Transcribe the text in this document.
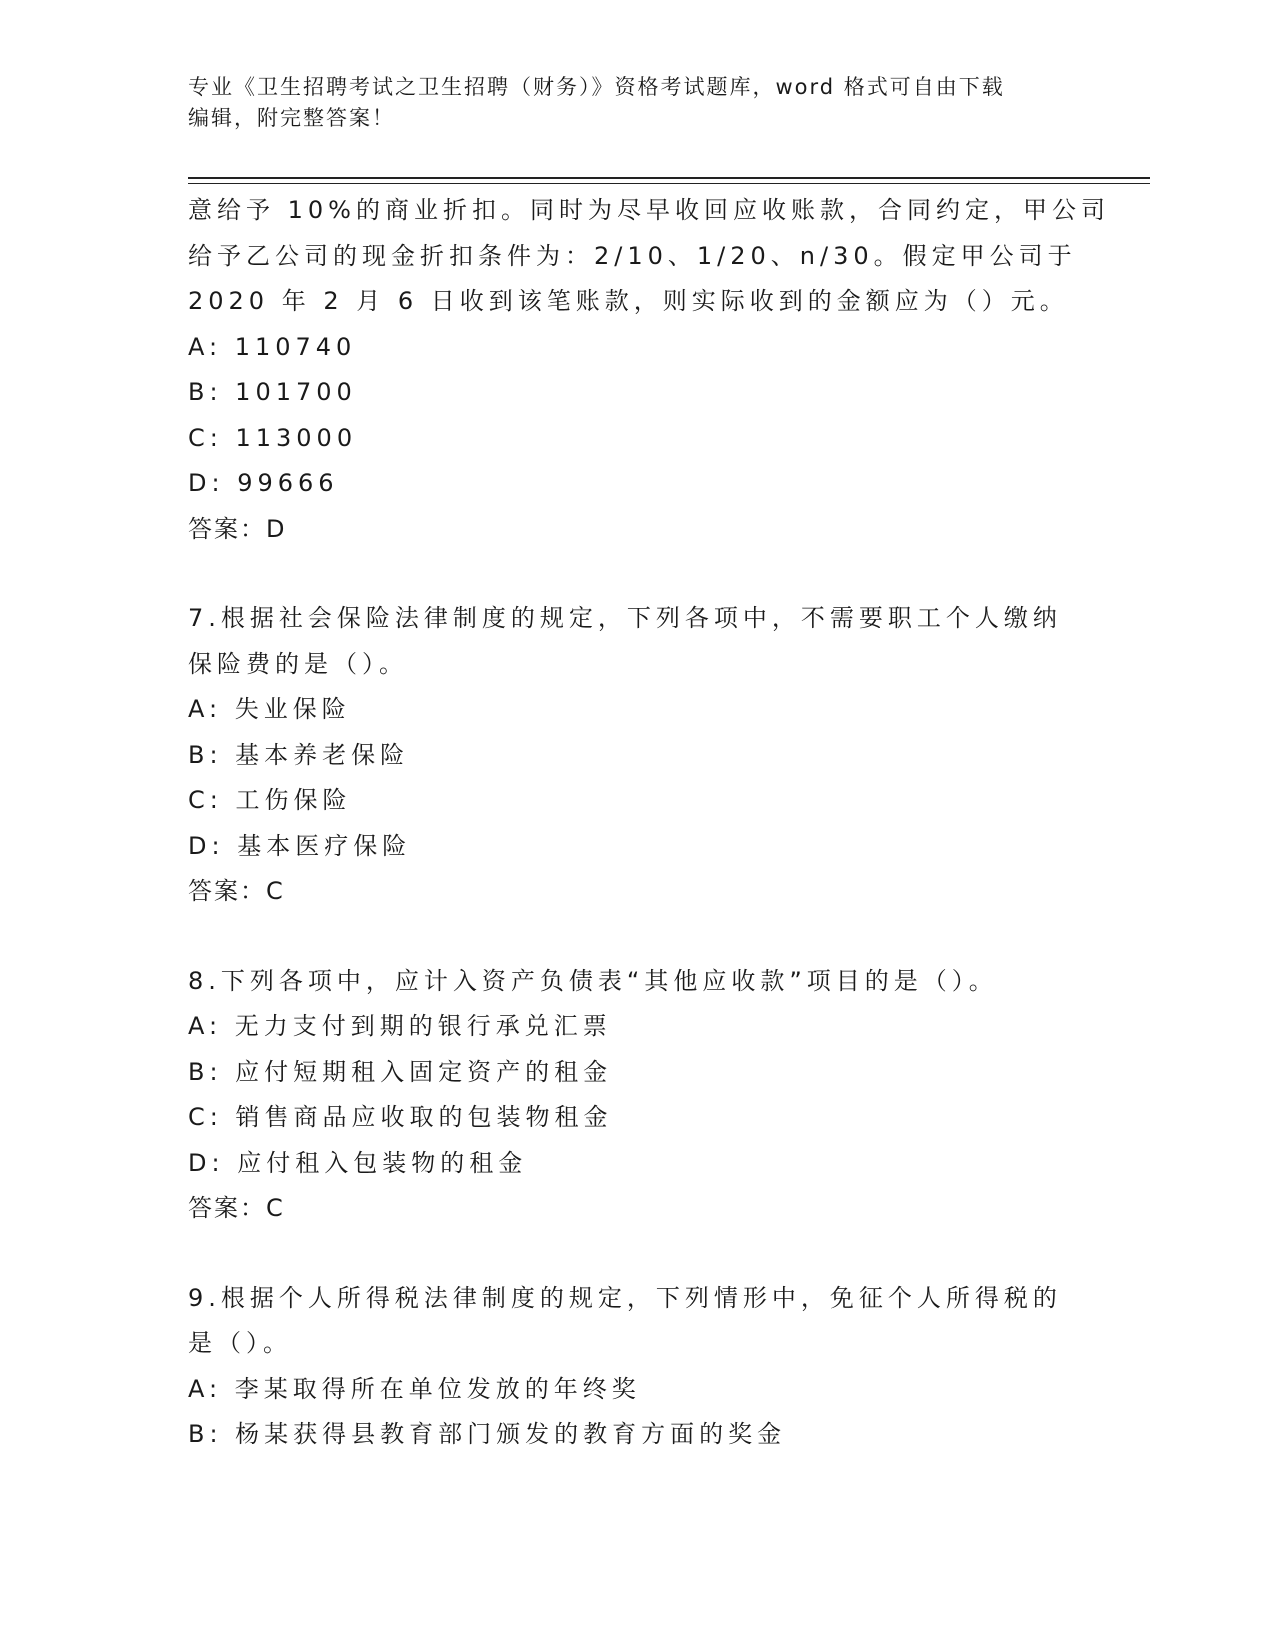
专业《卫生招聘考试之卫生招聘（财务）》资格考试题库，word 格式可自由下载
编辑，附完整答案！
意给予 10%的商业折扣。同时为尽早收回应收账款，合同约定，甲公司
给予乙公司的现金折扣条件为：2/10、1/20、n/30。假定甲公司于
2020 年 2 月 6 日收到该笔账款，则实际收到的金额应为（）元。
A: 110740
B: 101700
C: 113000
D: 99666
答案：D
7.根据社会保险法律制度的规定，下列各项中，不需要职工个人缴纳
保险费的是（）。
A: 失业保险
B: 基本养老保险
C: 工伤保险
D: 基本医疗保险
答案：C
8.下列各项中，应计入资产负债表“其他应收款”项目的是（）。
A: 无力支付到期的银行承兑汇票
B: 应付短期租入固定资产的租金
C: 销售商品应收取的包装物租金
D: 应付租入包装物的租金
答案：C
9.根据个人所得税法律制度的规定，下列情形中，免征个人所得税的
是（）。
A: 李某取得所在单位发放的年终奖
B: 杨某获得县教育部门颁发的教育方面的奖金
